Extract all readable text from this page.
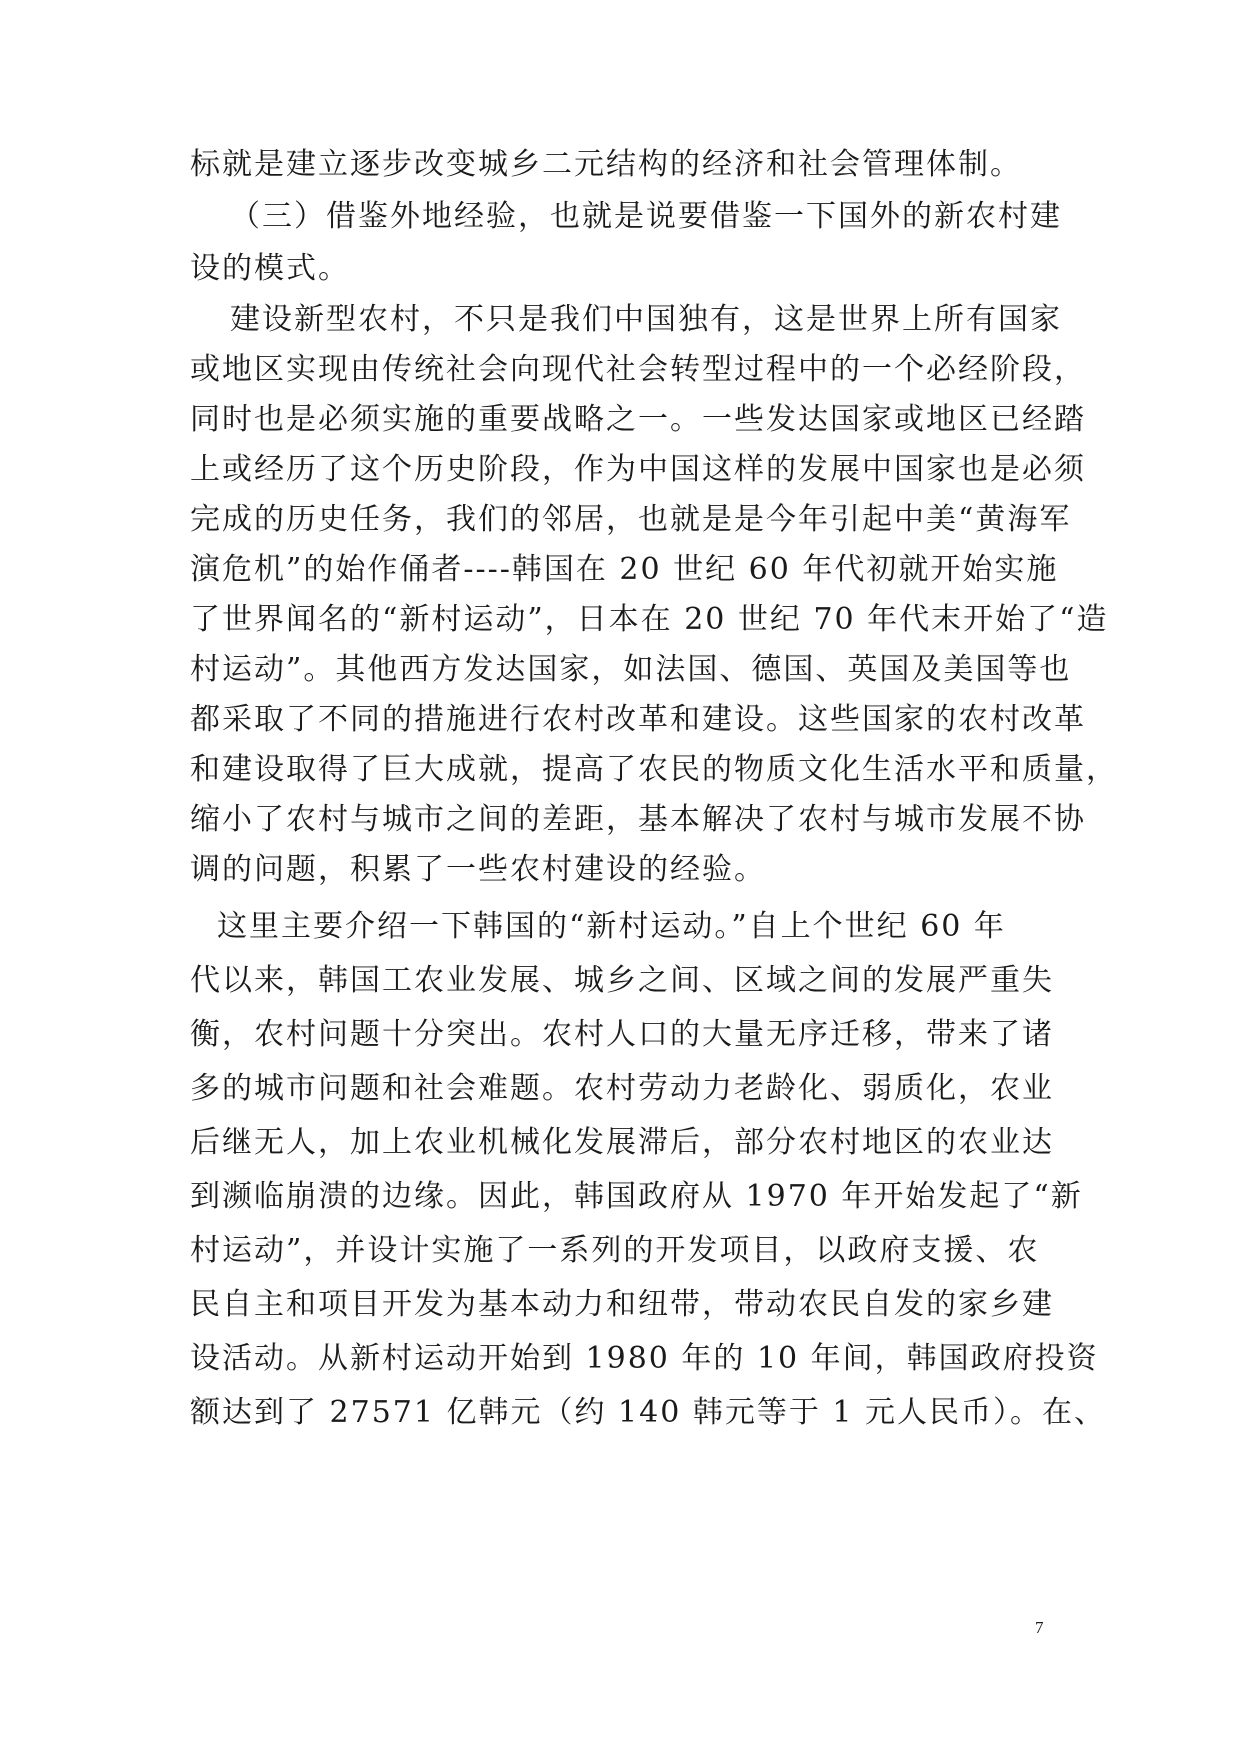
标就是建立逐步改变城乡二元结构的经济和社会管理体制。
（三）借鉴外地经验，也就是说要借鉴一下国外的新农村建
设的模式。
建设新型农村，不只是我们中国独有，这是世界上所有国家
或地区实现由传统社会向现代社会转型过程中的一个必经阶段，
同时也是必须实施的重要战略之一。一些发达国家或地区已经踏
上或经历了这个历史阶段，作为中国这样的发展中国家也是必须
完成的历史任务，我们的邻居，也就是是今年引起中美“黄海军
演危机”的始作俑者----韩国在 20 世纪 60 年代初就开始实施
了世界闻名的“新村运动”，日本在 20 世纪 70 年代末开始了“造
村运动”。其他西方发达国家，如法国、德国、英国及美国等也
都采取了不同的措施进行农村改革和建设。这些国家的农村改革
和建设取得了巨大成就，提高了农民的物质文化生活水平和质量，
缩小了农村与城市之间的差距，基本解决了农村与城市发展不协
调的问题，积累了一些农村建设的经验。
这里主要介绍一下韩国的“新村运动。”自上个世纪 60 年
代以来，韩国工农业发展、城乡之间、区域之间的发展严重失
衡，农村问题十分突出。农村人口的大量无序迁移，带来了诸
多的城市问题和社会难题。农村劳动力老龄化、弱质化，农业
后继无人，加上农业机械化发展滞后，部分农村地区的农业达
到濒临崩溃的边缘。因此，韩国政府从 1970 年开始发起了“新
村运动”，并设计实施了一系列的开发项目，以政府支援、农
民自主和项目开发为基本动力和纽带，带动农民自发的家乡建
设活动。从新村运动开始到 1980 年的 10 年间，韩国政府投资
额达到了 27571 亿韩元（约 140 韩元等于 1 元人民币）。在、
7
